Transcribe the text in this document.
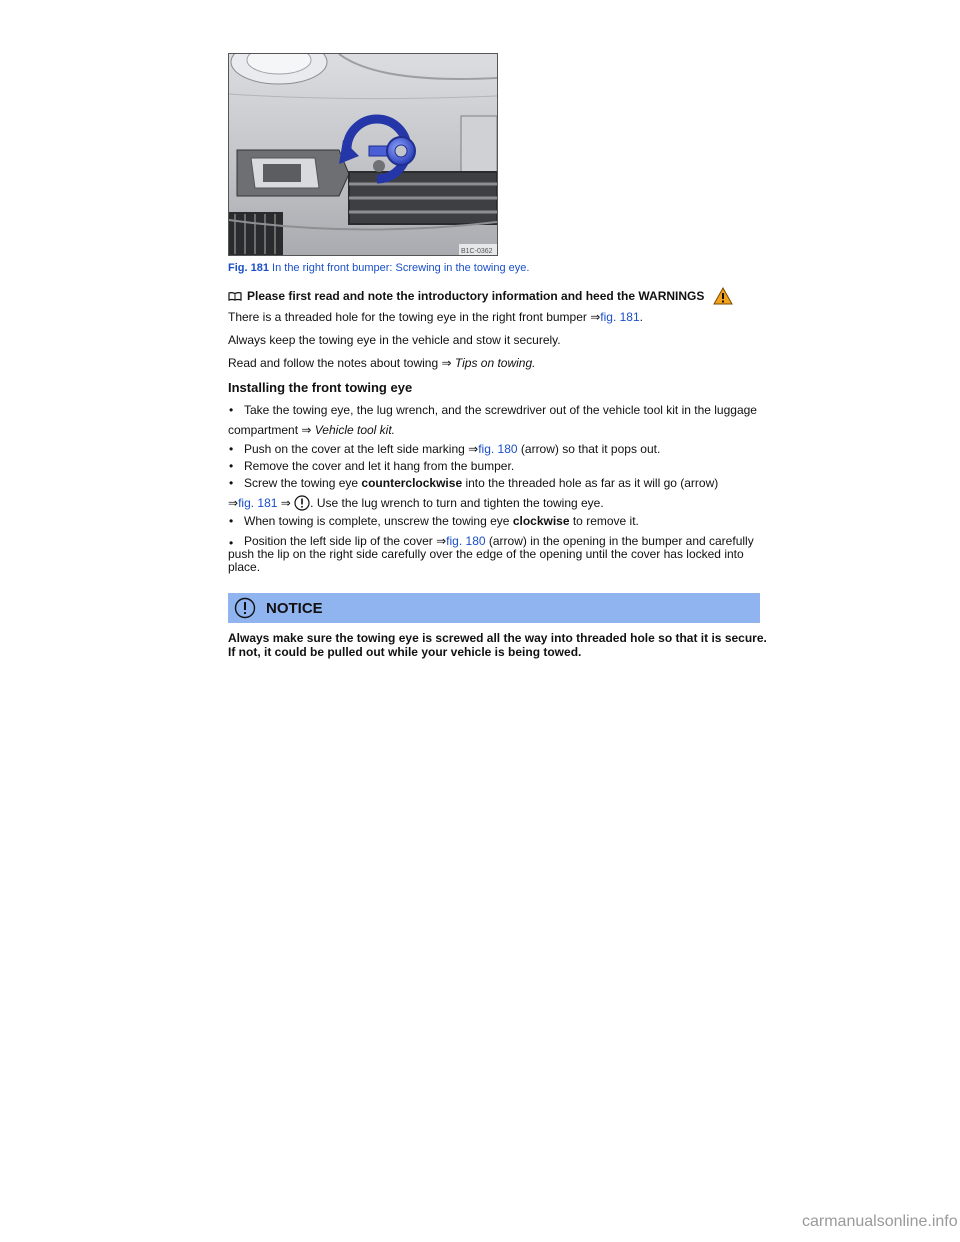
B1C-0362
Fig. 181 In the right front bumper: Screwing in the towing eye.
Please first read and note the introductory information and heed the WARNINGS
There is a threaded hole for the towing eye in the right front bumper ⇒fig. 181.
Always keep the towing eye in the vehicle and stow it securely.
Read and follow the notes about towing ⇒ Tips on towing.
Installing the front towing eye
• Take the towing eye, the lug wrench, and the screwdriver out of the vehicle tool kit in the luggage
compartment ⇒ Vehicle tool kit.
• Push on the cover at the left side marking ⇒fig. 180 (arrow) so that it pops out.
• Remove the cover and let it hang from the bumper.
• Screw the towing eye counterclockwise into the threaded hole as far as it will go (arrow)
⇒fig. 181 ⇒ . Use the lug wrench to turn and tighten the towing eye.
• When towing is complete, unscrew the towing eye clockwise to remove it.
• Position the left side lip of the cover ⇒fig. 180 (arrow) in the opening in the bumper and carefully push the lip on the right side carefully over the edge of the opening until the cover has locked into place.
NOTICE
Always make sure the towing eye is screwed all the way into threaded hole so that it is secure. If not, it could be pulled out while your vehicle is being towed.
carmanualsonline.info
